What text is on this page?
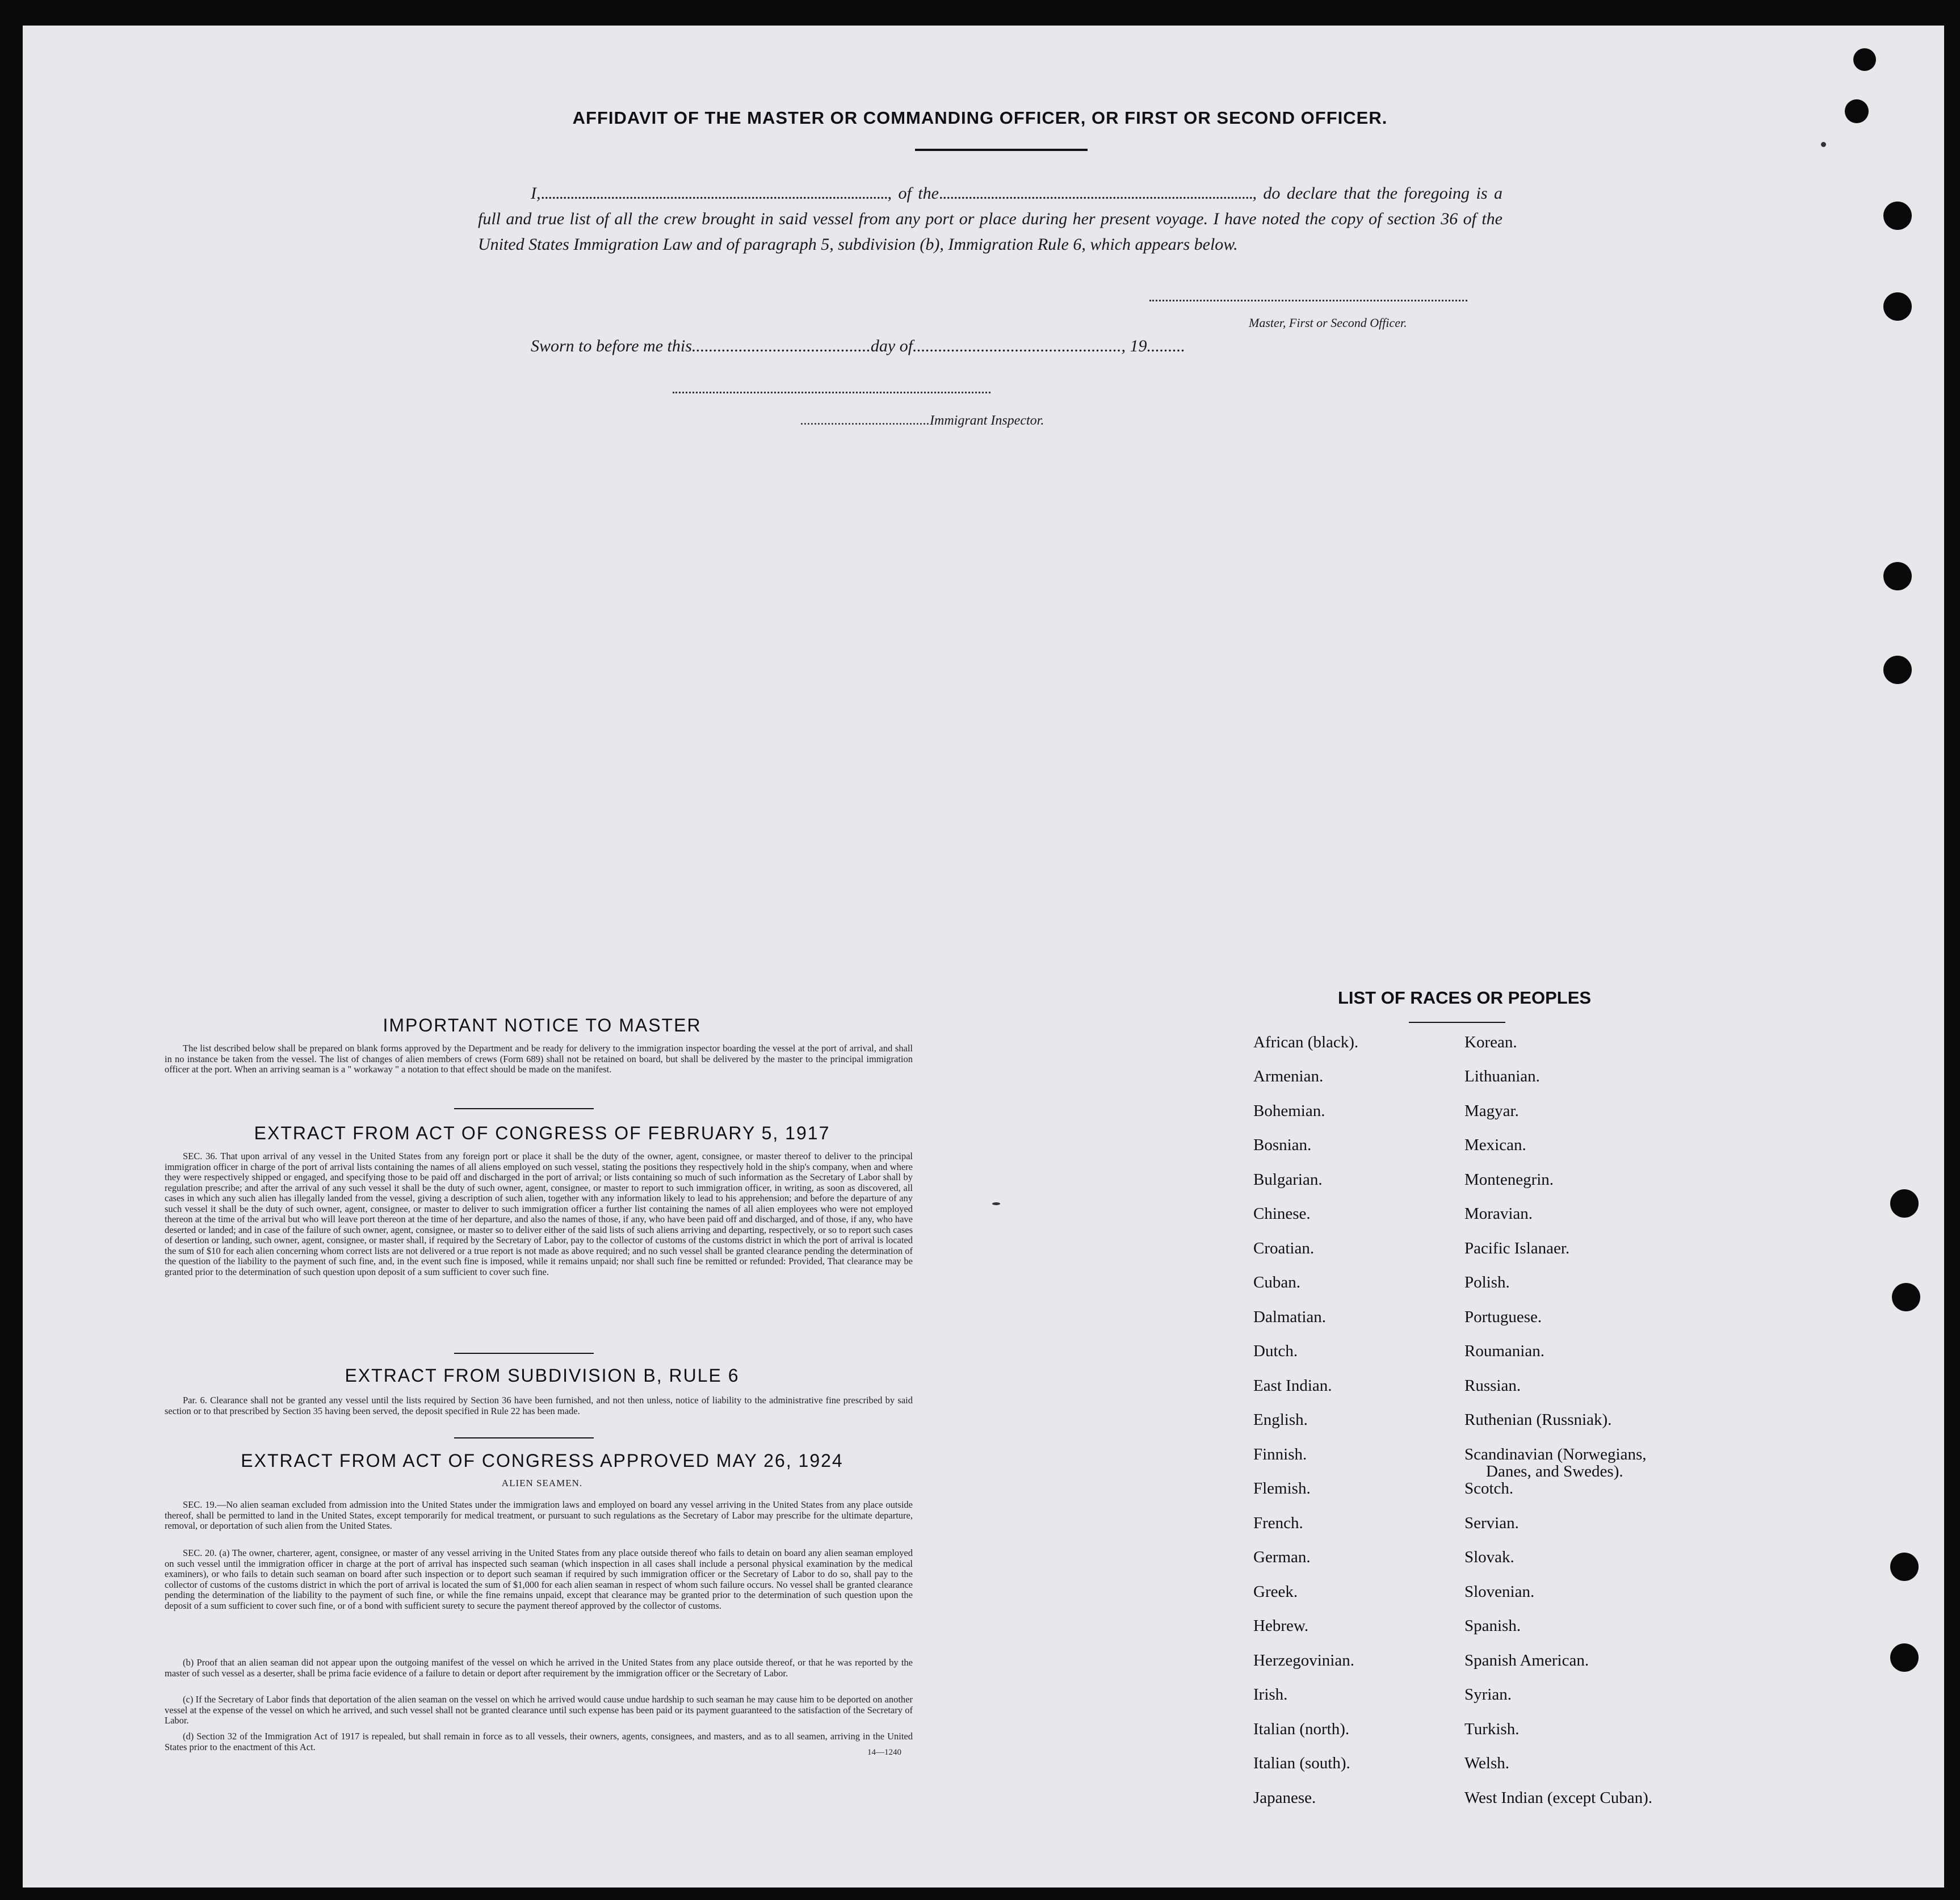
AFFIDAVIT OF THE MASTER OR COMMANDING OFFICER, OR FIRST OR SECOND OFFICER.

I,.............................................................................................., of the....................................................................................., do declare that the foregoing is a full and true list of all the crew brought in said vessel from any port or place during her present voyage. I have noted the copy of section 36 of the United States Immigration Law and of paragraph 5, subdivision (b), Immigration Rule 6, which appears below.

Master, First or Second Officer.
Sworn to before me this..........................................day of................................................., 19.........
......................................Immigrant Inspector.
IMPORTANT NOTICE TO MASTER

The list described below shall be prepared on blank forms approved by the Department and be ready for delivery to the immigration inspector boarding the vessel at the port of arrival, and shall in no instance be taken from the vessel. The list of changes of alien members of crews (Form 689) shall not be retained on board, but shall be delivered by the master to the principal immigration officer at the port. When an arriving seaman is a " workaway " a notation to that effect should be made on the manifest.

EXTRACT FROM ACT OF CONGRESS OF FEBRUARY 5, 1917

SEC. 36. That upon arrival of any vessel in the United States from any foreign port or place it shall be the duty of the owner, agent, consignee, or master thereof to deliver to the principal immigration officer in charge of the port of arrival lists containing the names of all aliens employed on such vessel, stating the positions they respectively hold in the ship's company, when and where they were respectively shipped or engaged, and specifying those to be paid off and discharged in the port of arrival; or lists containing so much of such information as the Secretary of Labor shall by regulation prescribe; and after the arrival of any such vessel it shall be the duty of such owner, agent, consignee, or master to report to such immigration officer, in writing, as soon as discovered, all cases in which any such alien has illegally landed from the vessel, giving a description of such alien, together with any information likely to lead to his apprehension; and before the departure of any such vessel it shall be the duty of such owner, agent, consignee, or master to deliver to such immigration officer a further list containing the names of all alien employees who were not employed thereon at the time of the arrival but who will leave port thereon at the time of her departure, and also the names of those, if any, who have been paid off and discharged, and of those, if any, who have deserted or landed; and in case of the failure of such owner, agent, consignee, or master so to deliver either of the said lists of such aliens arriving and departing, respectively, or so to report such cases of desertion or landing, such owner, agent, consignee, or master shall, if required by the Secretary of Labor, pay to the collector of customs of the customs district in which the port of arrival is located the sum of $10 for each alien concerning whom correct lists are not delivered or a true report is not made as above required; and no such vessel shall be granted clearance pending the determination of the question of the liability to the payment of such fine, and, in the event such fine is imposed, while it remains unpaid; nor shall such fine be remitted or refunded: Provided, That clearance may be granted prior to the determination of such question upon deposit of a sum sufficient to cover such fine.

EXTRACT FROM SUBDIVISION B, RULE 6

Par. 6. Clearance shall not be granted any vessel until the lists required by Section 36 have been furnished, and not then unless, notice of liability to the administrative fine prescribed by said section or to that prescribed by Section 35 having been served, the deposit specified in Rule 22 has been made.

EXTRACT FROM ACT OF CONGRESS APPROVED MAY 26, 1924
ALIEN SEAMEN.

SEC. 19.—No alien seaman excluded from admission into the United States under the immigration laws and employed on board any vessel arriving in the United States from any place outside thereof, shall be permitted to land in the United States, except temporarily for medical treatment, or pursuant to such regulations as the Secretary of Labor may prescribe for the ultimate departure, removal, or deportation of such alien from the United States.

SEC. 20. (a) The owner, charterer, agent, consignee, or master of any vessel arriving in the United States from any place outside thereof who fails to detain on board any alien seaman employed on such vessel until the immigration officer in charge at the port of arrival has inspected such seaman (which inspection in all cases shall include a personal physical examination by the medical examiners), or who fails to detain such seaman on board after such inspection or to deport such seaman if required by such immigration officer or the Secretary of Labor to do so, shall pay to the collector of customs of the customs district in which the port of arrival is located the sum of $1,000 for each alien seaman in respect of whom such failure occurs. No vessel shall be granted clearance pending the determination of the liability to the payment of such fine, or while the fine remains unpaid, except that clearance may be granted prior to the determination of such question upon the deposit of a sum sufficient to cover such fine, or of a bond with sufficient surety to secure the payment thereof approved by the collector of customs.

(b) Proof that an alien seaman did not appear upon the outgoing manifest of the vessel on which he arrived in the United States from any place outside thereof, or that he was reported by the master of such vessel as a deserter, shall be prima facie evidence of a failure to detain or deport after requirement by the immigration officer or the Secretary of Labor.

(c) If the Secretary of Labor finds that deportation of the alien seaman on the vessel on which he arrived would cause undue hardship to such seaman he may cause him to be deported on another vessel at the expense of the vessel on which he arrived, and such vessel shall not be granted clearance until such expense has been paid or its payment guaranteed to the satisfaction of the Secretary of Labor.

(d) Section 32 of the Immigration Act of 1917 is repealed, but shall remain in force as to all vessels, their owners, agents, consignees, and masters, and as to all seamen, arriving in the United States prior to the enactment of this Act.

14—1240
LIST OF RACES OR PEOPLES
African (black).
Armenian.
Bohemian.
Bosnian.
Bulgarian.
Chinese.
Croatian.
Cuban.
Dalmatian.
Dutch.
East Indian.
English.
Finnish.
Flemish.
French.
German.
Greek.
Hebrew.
Herzegovinian.
Irish.
Italian (north).
Italian (south).
Japanese.
Korean.
Lithuanian.
Magyar.
Mexican.
Montenegrin.
Moravian.
Pacific Islanaer.
Polish.
Portuguese.
Roumanian.
Russian.
Ruthenian (Russniak).
Scandinavian (Norwegians,
Danes, and Swedes).
Scotch.
Servian.
Slovak.
Slovenian.
Spanish.
Spanish American.
Syrian.
Turkish.
Welsh.
West Indian (except Cuban).
